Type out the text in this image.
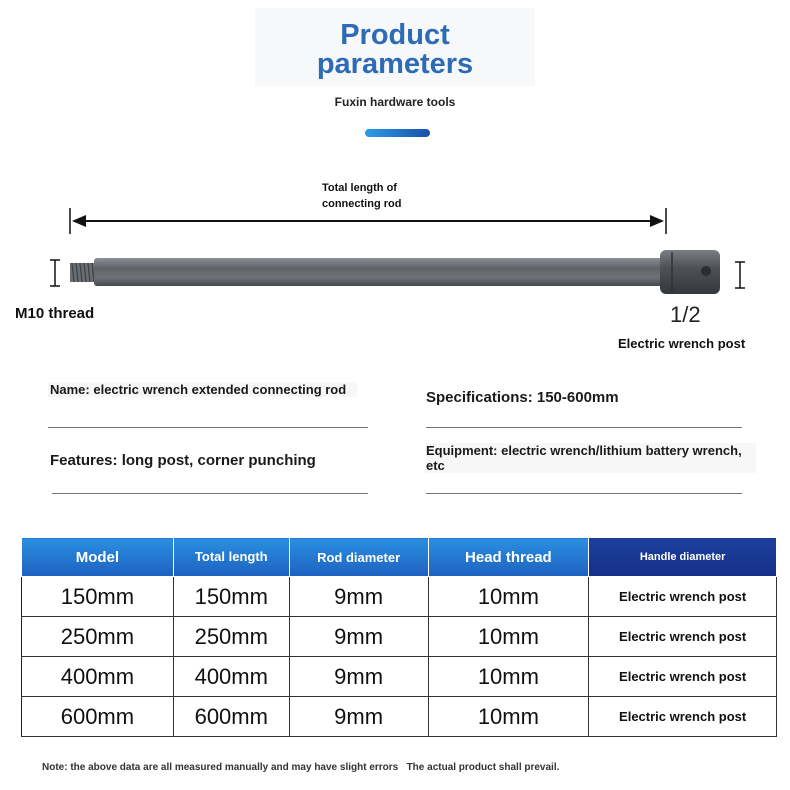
Product
parameters
Fuxin hardware tools
Total length of
connecting rod
M10 thread	1/2
Electric wrench post
Name: electric wrench extended connecting rod	Specifications: 150-600mm
Features: long post, corner punching
Equipment: electric wrench/lithium battery wrench, etc
Model	Total length	Rod diameter	Head thread	Handle diameter
150mm	150mm	9mm	10mm	Electric wrench post
250mm	250mm	9mm	10mm	Electric wrench post
400mm	400mm	9mm	10mm	Electric wrench post
600mm	600mm	9mm	10mm	Electric wrench post
Note: the above data are all measured manually and may have slight errors   The actual product shall prevail.
